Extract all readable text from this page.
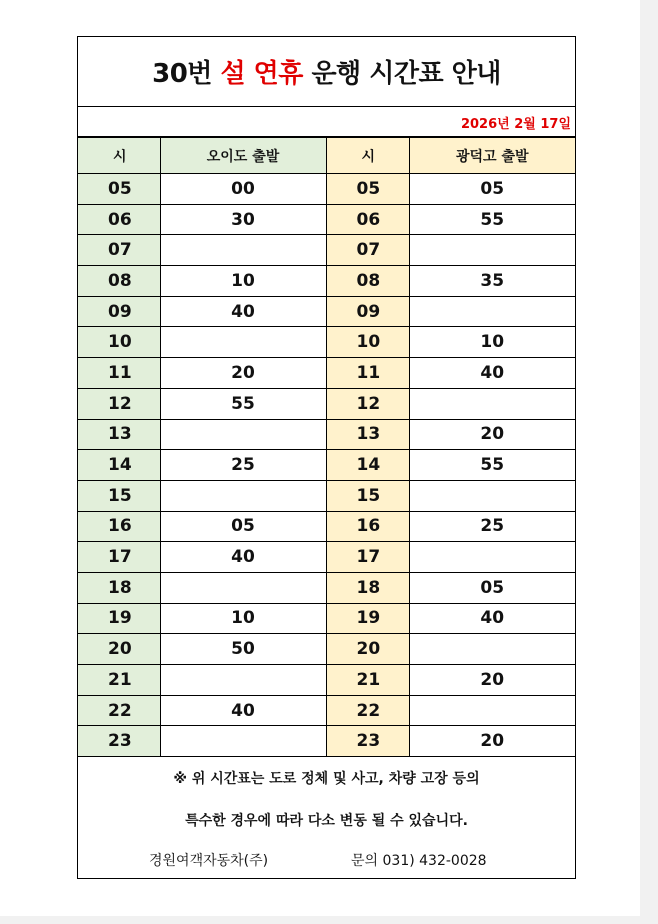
30번 설 연휴 운행 시간표 안내
2026년 2월 17일
시	오이도 출발	시	광덕고 출발
05	00	05	05
06	30	06	55
07		07	
08	10	08	35
09	40	09	
10		10	10
11	20	11	40
12	55	12	
13		13	20
14	25	14	55
15		15	
16	05	16	25
17	40	17	
18		18	05
19	10	19	40
20	50	20	
21		21	20
22	40	22	
23		23	20
※ 위 시간표는 도로 정체 및 사고, 차량 고장 등의
특수한 경우에 따라 다소 변동 될 수 있습니다.
경원여객자동차(주)	문의 031) 432-0028
